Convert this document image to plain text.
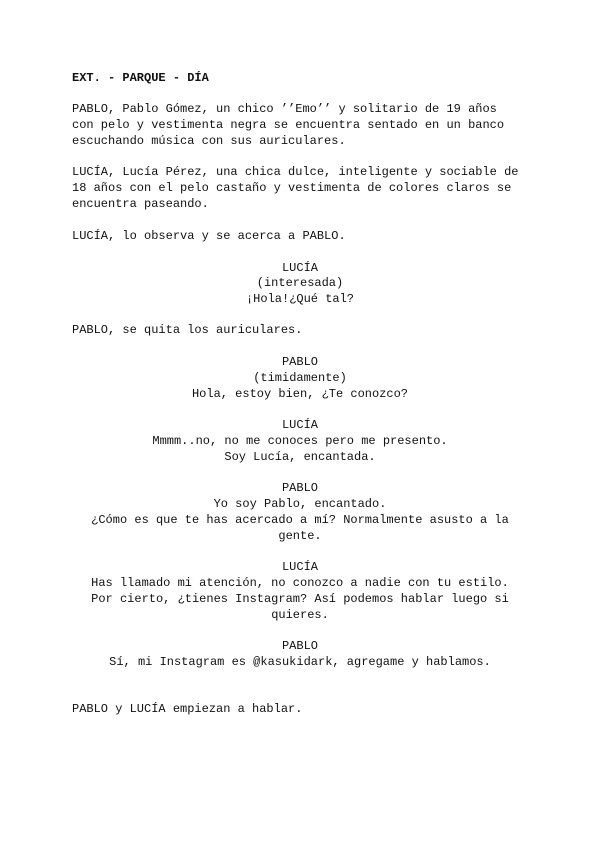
EXT. - PARQUE - DÍA
PABLO, Pablo Gómez, un chico ’’Emo’’ y solitario de 19 años
con pelo y vestimenta negra se encuentra sentado en un banco
escuchando música con sus auriculares.
LUCÍA, Lucía Pérez, una chica dulce, inteligente y sociable de
18 años con el pelo castaño y vestimenta de colores claros se
encuentra paseando.
LUCÍA, lo observa y se acerca a PABLO.
LUCÍA
(interesada)
¡Hola!¿Qué tal?
PABLO, se quita los auriculares.
PABLO
(timidamente)
Hola, estoy bien, ¿Te conozco?
LUCÍA
Mmmm..no, no me conoces pero me presento.
Soy Lucía, encantada.
PABLO
Yo soy Pablo, encantado.
¿Cómo es que te has acercado a mí? Normalmente asusto a la
gente.
LUCÍA
Has llamado mi atención, no conozco a nadie con tu estilo.
Por cierto, ¿tienes Instagram? Así podemos hablar luego si
quieres.
PABLO
Sí, mi Instagram es @kasukidark, agregame y hablamos.
PABLO y LUCÍA empiezan a hablar.
